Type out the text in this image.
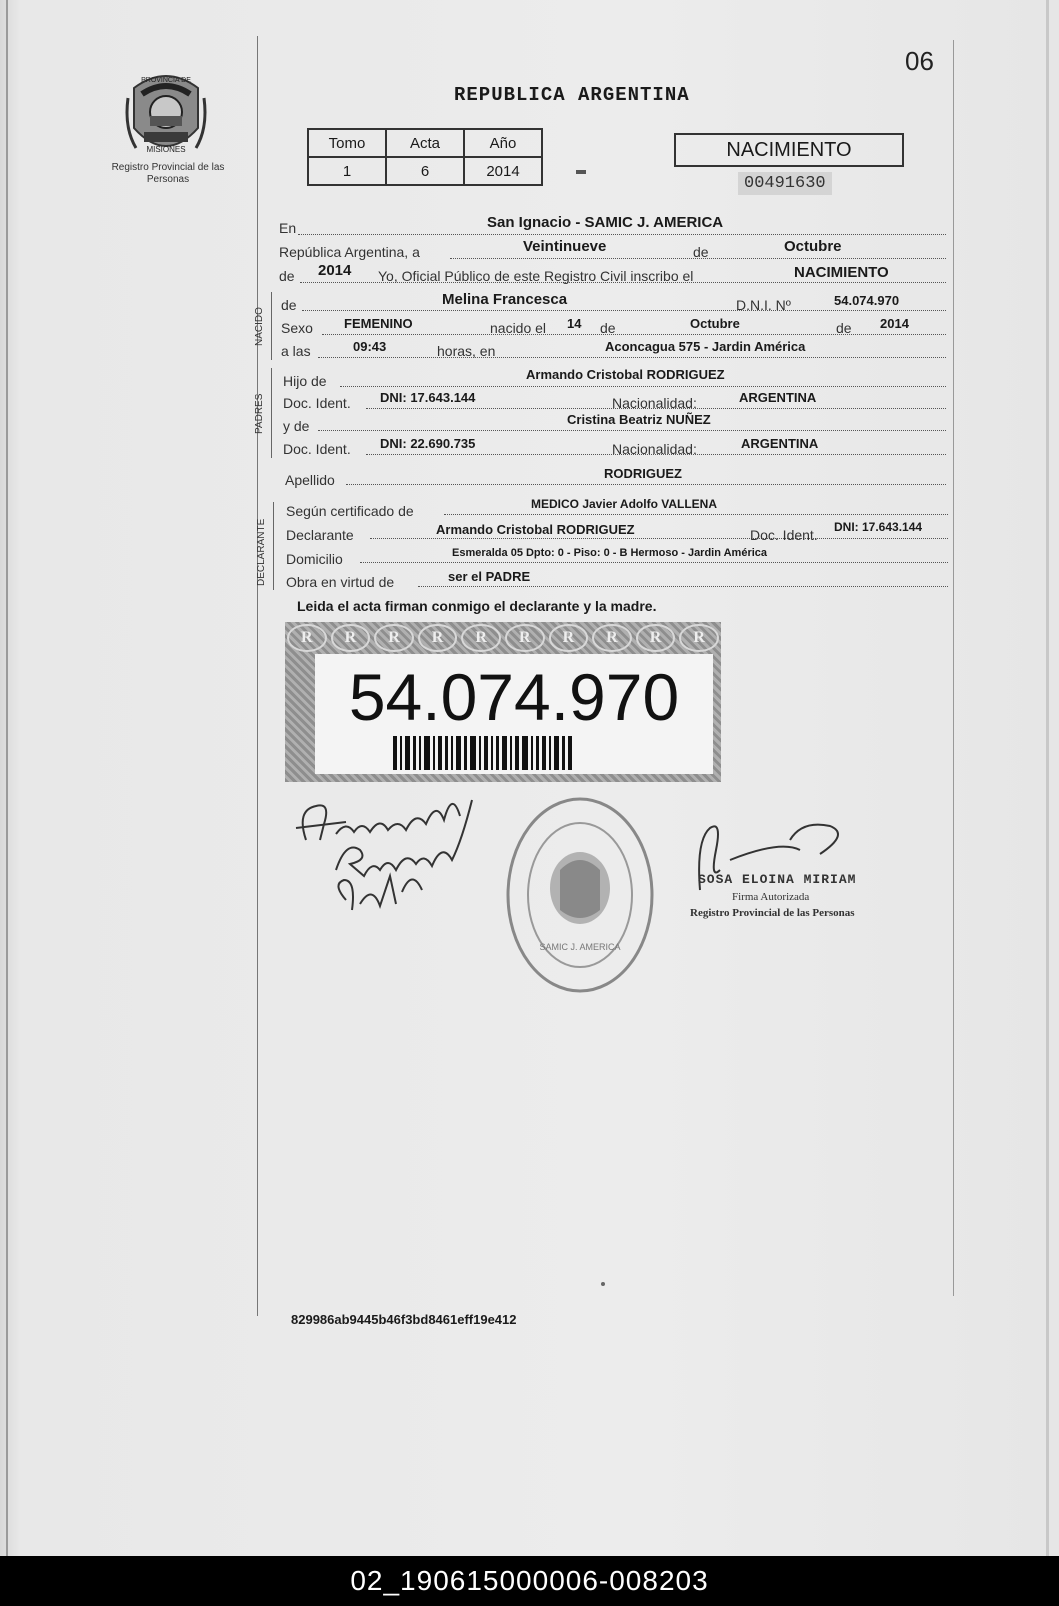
06
PROVINCIA DE
MISIONES
Registro Provincial de las Personas
REPUBLICA ARGENTINA
Tomo	Acta	Año
1	6	2014
NACIMIENTO
00491630
En	San Ignacio - SAMIC J. AMERICA
República Argentina, a	Veintinueve	de	Octubre
de 2014 Yo, Oficial Público de este Registro Civil inscribo el	NACIMIENTO
NACIDO
de	Melina Francesca	D.N.I. Nº	54.074.970
Sexo FEMENINO	nacido el 14 de	Octubre	de 2014
a las	09:43	horas, en	Aconcagua 575 - Jardin América
PADRES
Hijo de	Armando Cristobal RODRIGUEZ
Doc. Ident. DNI: 17.643.144	Nacionalidad:	ARGENTINA
y de	Cristina Beatriz NUÑEZ
Doc. Ident. DNI: 22.690.735	Nacionalidad:	ARGENTINA
Apellido	RODRIGUEZ
DECLARANTE
Según certificado de	MEDICO Javier Adolfo VALLENA
Declarante	Armando Cristobal RODRIGUEZ	Doc. Ident. DNI: 17.643.144
Domicilio	Esmeralda 05 Dpto: 0 - Piso: 0 - B Hermoso - Jardin América
Obra en virtud de	ser el PADRE
Leida el acta firman conmigo el declarante y la madre.
R	R	R	R	R	R	R	R	R	R
54.074.970
SAMIC J. AMERICA
SOSA ELOINA MIRIAM
Firma Autorizada
Registro Provincial de las Personas
829986ab9445b46f3bd8461eff19e412
02_190615000006-008203
